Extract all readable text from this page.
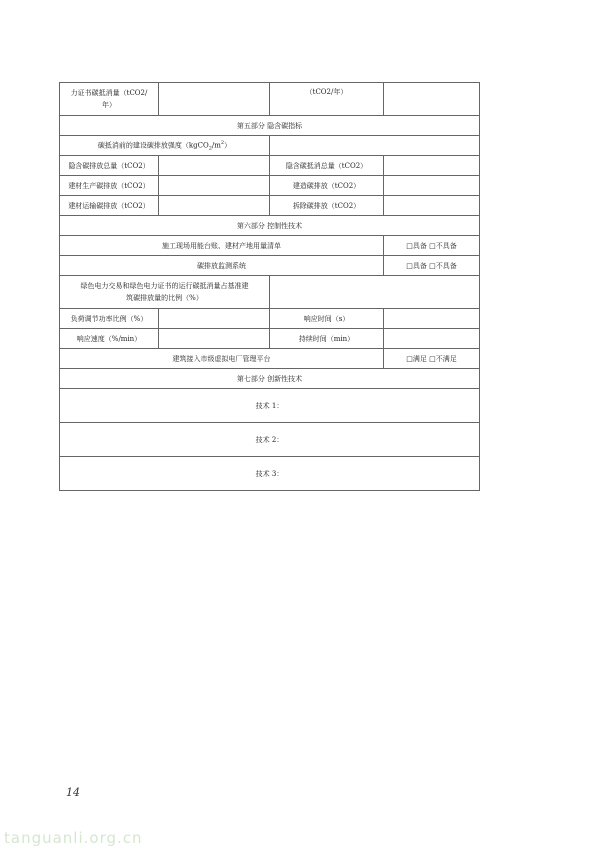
力证书碳抵消量（tCO2/
年）		（tCO2/年）	
第五部分 隐含碳指标			
碳抵消前的建设碳排放强度$(kgCO_2/m^2)$			
隐含碳排放总量（tCO2）		隐含碳抵消总量（tCO2）	
建材生产碳排放（tCO2）		建造碳排放（tCO2）	
建材运输碳排放（tCO2）		拆除碳排放（tCO2）	
第六部分 控制性技术			
施工现场用能台账、建材产地用量清单			□具备 □不具备
碳排放监测系统			□具备 □不具备

绿色电力交易和绿色电力证书的运行碳抵消量占基准建
筑碳排放量的比例（%）			

负荷调节功率比例（%）		响应时间（s）	
响应速度（%/min）		持续时间（min）	
建筑接入市级虚拟电厂管理平台			□满足 □不满足
第七部分 创新性技术			
技术 1：			
技术 2：			
技术 3：			
14
tanguanli.org.cn
